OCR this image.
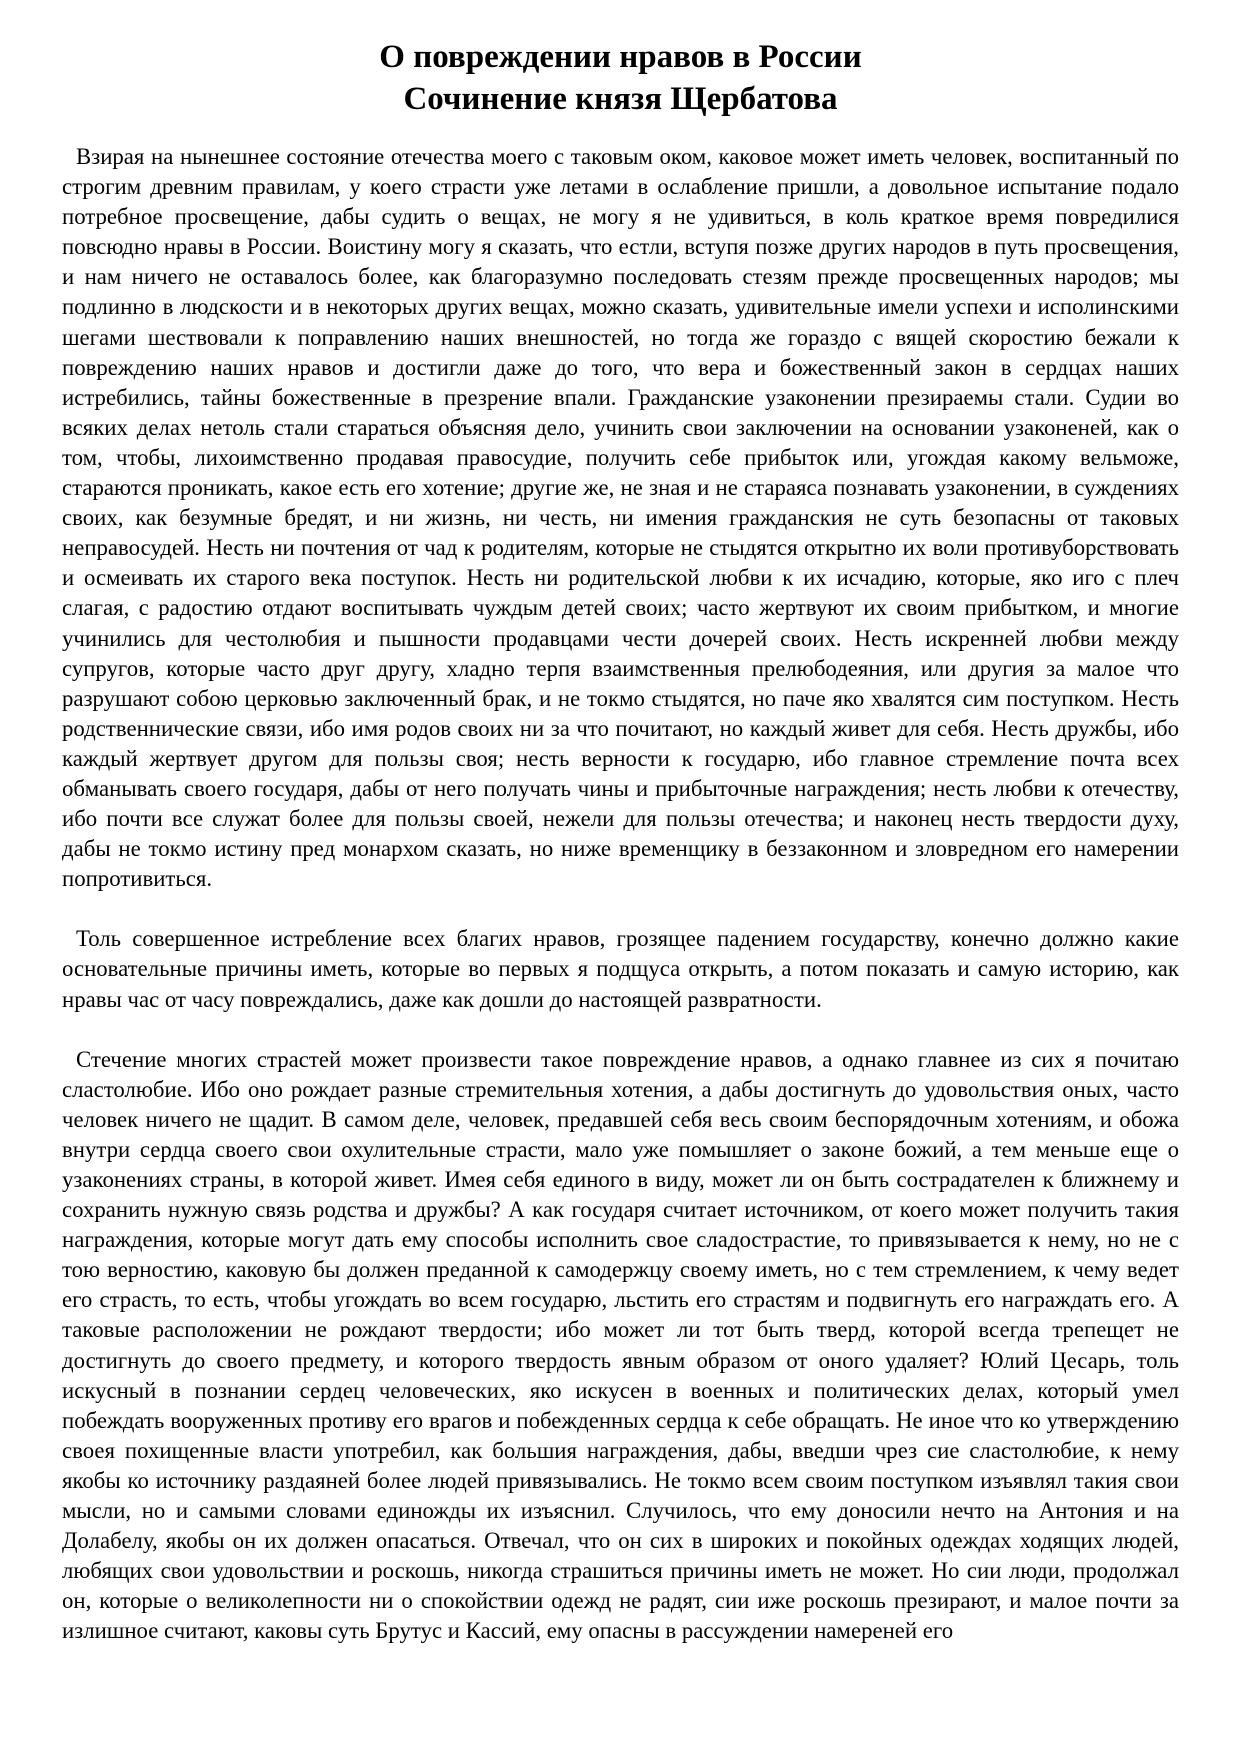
О повреждении нравов в России
Сочинение князя Щербатова

Взирая на нынешнее состояние отечества моего с таковым оком, каковое может иметь человек, воспитанный по строгим древним правилам, у коего страсти уже летами в ослабление пришли, а довольное испытание подало потребное просвещение, дабы судить о вещах, не могу я не удивиться, в коль краткое время повредилися повсюдно нравы в России. Воистину могу я сказать, что естли, вступя позже других народов в путь просвещения, и нам ничего не оставалось более, как благоразумно последовать стезям прежде просвещенных народов; мы подлинно в людскости и в некоторых других вещах, можно сказать, удивительные имели успехи и исполинскими шегами шествовали к поправлению наших внешностей, но тогда же гораздо с вящей скоростию бежали к повреждению наших нравов и достигли даже до того, что вера и божественный закон в сердцах наших истребились, тайны божественные в презрение впали. Гражданские узаконении презираемы стали. Судии во всяких делах нетоль стали стараться объясняя дело, учинить свои заключении на основании узаконеней, как о том, чтобы, лихоимственно продавая правосудие, получить себе прибыток или, угождая какому вельможе, стараются проникать, какое есть его хотение; другие же, не зная и не стараяса познавать узаконении, в суждениях своих, как безумные бредят, и ни жизнь, ни честь, ни имения гражданския не суть безопасны от таковых неправосудей. Несть ни почтения от чад к родителям, которые не стыдятся открытно их воли противуборствовать и осмеивать их старого века поступок. Несть ни родительской любви к их исчадию, которые, яко иго с плеч слагая, с радостию отдают воспитывать чуждым детей своих; часто жертвуют их своим прибытком, и многие учинились для честолюбия и пышности продавцами чести дочерей своих. Несть искренней любви между супругов, которые часто друг другу, хладно терпя взаимственныя прелюбодеяния, или другия за малое что разрушают собою церковью заключенный брак, и не токмо стыдятся, но паче яко хвалятся сим поступком. Несть родственнические связи, ибо имя родов своих ни за что почитают, но каждый живет для себя. Несть дружбы, ибо каждый жертвует другом для пользы своя; несть верности к государю, ибо главное стремление почта всех обманывать своего государя, дабы от него получать чины и прибыточные награждения; несть любви к отечеству, ибо почти все служат более для пользы своей, нежели для пользы отечества; и наконец несть твердости духу, дабы не токмо истину пред монархом сказать, но ниже временщику в беззаконном и зловредном его намерении попротивиться.

Толь совершенное истребление всех благих нравов, грозящее падением государству, конечно должно какие основательные причины иметь, которые во первых я подщуса открыть, а потом показать и самую историю, как нравы час от часу повреждались, даже как дошли до настоящей развратности.

Стечение многих страстей может произвести такое повреждение нравов, а однако главнее из сих я почитаю сластолюбие. Ибо оно рождает разные стремительныя хотения, а дабы достигнуть до удовольствия оных, часто человек ничего не щадит. В самом деле, человек, предавшей себя весь своим беспорядочным хотениям, и обожа внутри сердца своего свои охулительные страсти, мало уже помышляет о законе божий, а тем меньше еще о узаконениях страны, в которой живет. Имея себя единого в виду, может ли он быть сострадателен к ближнему и сохранить нужную связь родства и дружбы? А как государя считает источником, от коего может получить такия награждения, которые могут дать ему способы исполнить свое сладострастие, то привязывается к нему, но не с тою верностию, каковую бы должен преданной к самодержцу своему иметь, но с тем стремлением, к чему ведет его страсть, то есть, чтобы угождать во всем государю, льстить его страстям и подвигнуть его награждать его. А таковые расположении не рождают твердости; ибо может ли тот быть тверд, которой всегда трепещет не достигнуть до своего предмету, и которого твердость явным образом от оного удаляет? Юлий Цесарь, толь искусный в познании сердец человеческих, яко искусен в военных и политических делах, который умел побеждать вооруженных противу его врагов и побежденных сердца к себе обращать. Не иное что ко утверждению своея похищенные власти употребил, как большия награждения, дабы, введши чрез сие сластолюбие, к нему якобы ко источнику раздаяней более людей привязывались. Не токмо всем своим поступком изъявлял такия свои мысли, но и самыми словами единожды их изъяснил. Случилось, что ему доносили нечто на Антония и на Долабелу, якобы он их должен опасаться. Отвечал, что он сих в широких и покойных одеждах ходящих людей, любящих свои удовольствии и роскошь, никогда страшиться причины иметь не может. Но сии люди, продолжал он, которые о великолепности ни о спокойствии одежд не радят, сии иже роскошь презирают, и малое почти за излишное считают, каковы суть Брутус и Кассий, ему опасны в рассуждении намереней его
